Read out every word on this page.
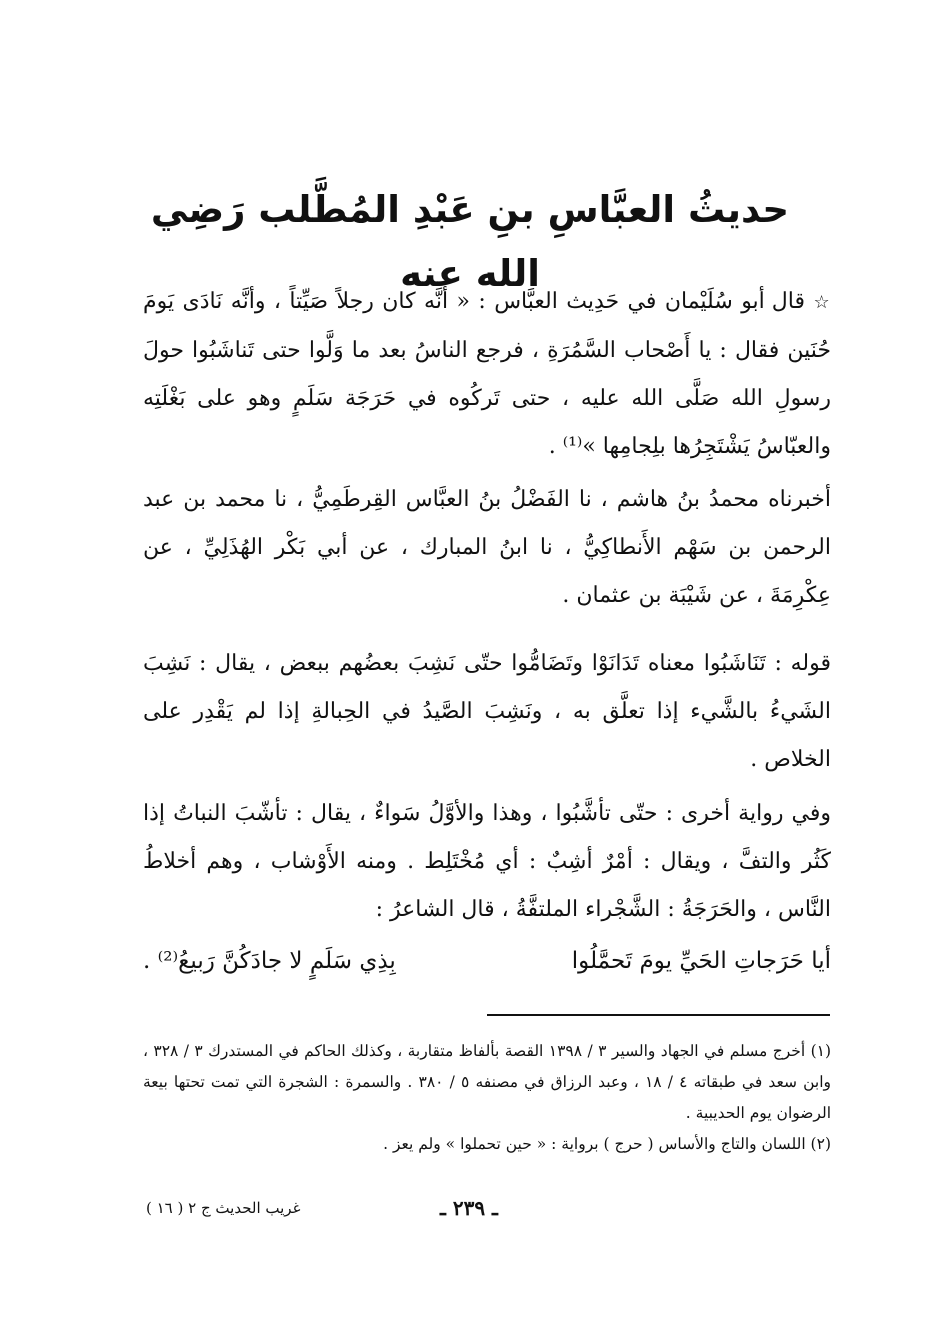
حديثُ العبَّاسِ بنِ عَبْدِ المُطَّلب رَضِي الله عنه

☆ قال أبو سُلَيْمان في حَدِيث العبَّاس : « أنَّه كان رجلاً صَيِّتاً ، وأنَّه نَادَى يَومَ حُنَين فقال : يا أَصْحاب السَّمُرَةِ ، فرجع الناسُ بعد ما وَلَّوا حتى تَناشَبُوا حولَ رسولِ الله صَلَّى الله عليه ، حتى تَركُوه في حَرَجَة سَلَمٍ وهو على بَغْلَتِه والعبّاسُ يَشْتَجِرُها بلِجامِها »⁽¹⁾ .

أخبرناه محمدُ بنُ هاشم ، نا الفَضْلُ بنُ العبَّاس القِرطَمِيُّ ، نا محمد بن عبد الرحمن بن سَهْم الأَنطاكِيُّ ، نا ابنُ المبارك ، عن أبي بَكْر الهُذَلِيِّ ، عن عِكْرِمَةَ ، عن شَيْبَة بن عثمان .

قوله : تَنَاشَبُوا معناه تَدَانَوْا وتَضَامُّوا حتّى نَشِبَ بعضُهم ببعض ، يقال : نَشِبَ الشَيءُ بالشَّيء إذا تعلَّق به ، ونَشِبَ الصَّيدُ في الحِبالةِ إذا لم يَقْدِر على الخلاص .

وفي رواية أخرى : حتّى تأشَّبُوا ، وهذا والأوَّلُ سَواءٌ ، يقال : تأشّبَ النباتُ إذا كَثُر والتفَّ ، ويقال : أمْرٌ أشِبٌ : أي مُخْتَلِط . ومنه الأَوْشاب ، وهم أخلاطُ النَّاس ، والحَرَجَةُ : الشَّجْراء الملتفَّةُ ، قال الشاعرُ :

أيا حَرَجاتِ الحَيِّ يومَ تَحمَّلُوا
بِذِي سَلَمٍ لا جادَكُنَّ رَبيعُ⁽²⁾ .

(١) أخرج مسلم في الجهاد والسير ٣ / ١٣٩٨ القصة بألفاظ متقاربة ، وكذلك الحاكم في المستدرك ٣ / ٣٢٨ ، وابن سعد في طبقاته ٤ / ١٨ ، وعبد الرزاق في مصنفه ٥ / ٣٨٠ . والسمرة : الشجرة التي تمت تحتها بيعة الرضوان يوم الحديبية .

(٢) اللسان والتاج والأساس ( حرج ) برواية : « حين تحملوا » ولم يعز .

ـ ٢٣٩ ـ
غريب الحديث ج ٢ ( ١٦ )
